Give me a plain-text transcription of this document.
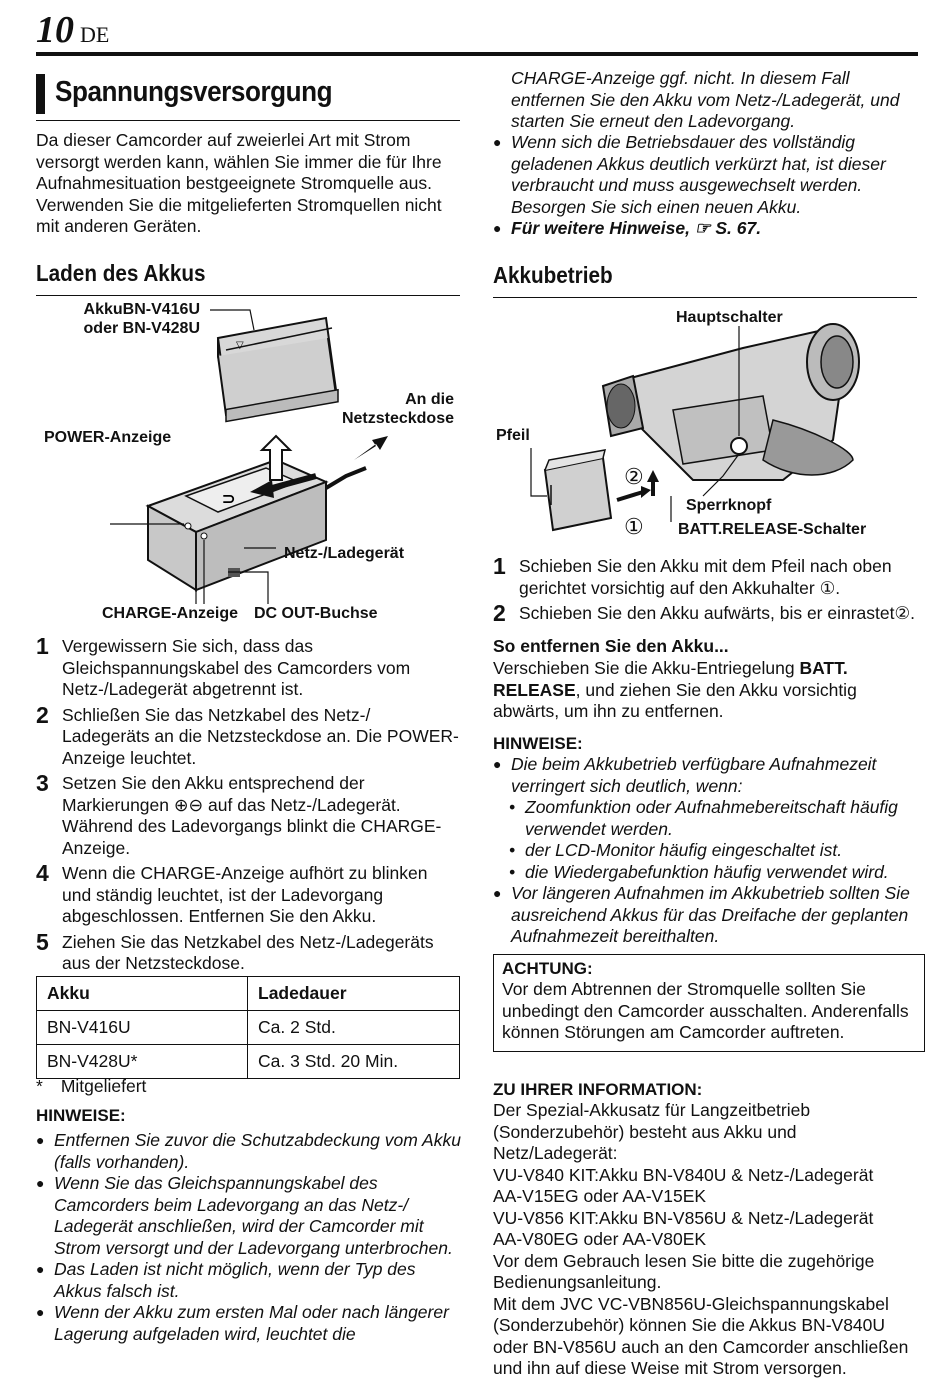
10 DE
Spannungsversorgung
Da dieser Camcorder auf zweierlei Art mit Strom versorgt werden kann, wählen Sie immer die für Ihre Aufnahmesituation bestgeeignete Stromquelle aus. Verwenden Sie die mitgelieferten Stromquellen nicht mit anderen Geräten.
Laden des Akkus
▽
⊃
AkkuBN-V416U
oder BN-V428U
An die
Netzsteckdose
POWER-Anzeige
Netz-/Ladegerät
CHARGE-Anzeige DC OUT-Buchse
1 Vergewissern Sie sich, dass das Gleichspannungskabel des Camcorders vom Netz-/Ladegerät abgetrennt ist.
2 Schließen Sie das Netzkabel des Netz-/ Ladegeräts an die Netzsteckdose an. Die POWER-Anzeige leuchtet.
3 Setzen Sie den Akku entsprechend der Markierungen ⊕⊖ auf das Netz-/Ladegerät. Während des Ladevorgangs blinkt die CHARGE-Anzeige.
4 Wenn die CHARGE-Anzeige aufhört zu blinken und ständig leuchtet, ist der Ladevorgang abgeschlossen. Entfernen Sie den Akku.
5 Ziehen Sie das Netzkabel des Netz-/Ladegeräts aus der Netzsteckdose.
Akku	Ladedauer
BN-V416U	Ca. 2 Std.
BN-V428U*	Ca. 3 Std. 20 Min.
* Mitgeliefert
HINWEISE:
● Entfernen Sie zuvor die Schutzabdeckung vom Akku (falls vorhanden).
● Wenn Sie das Gleichspannungskabel des Camcorders beim Ladevorgang an das Netz-/ Ladegerät anschließen, wird der Camcorder mit Strom versorgt und der Ladevorgang unterbrochen.
● Das Laden ist nicht möglich, wenn der Typ des Akkus falsch ist.
● Wenn der Akku zum ersten Mal oder nach längerer Lagerung aufgeladen wird, leuchtet die
CHARGE-Anzeige ggf. nicht. In diesem Fall entfernen Sie den Akku vom Netz-/Ladegerät, und starten Sie erneut den Ladevorgang.
● Wenn sich die Betriebsdauer des vollständig geladenen Akkus deutlich verkürzt hat, ist dieser verbraucht und muss ausgewechselt werden. Besorgen Sie sich einen neuen Akku.
● Für weitere Hinweise, ☞ S. 67.
Akkubetrieb
Hauptschalter
Pfeil
②
Sperrknopf
① BATT.RELEASE-Schalter
1 Schieben Sie den Akku mit dem Pfeil nach oben gerichtet vorsichtig auf den Akkuhalter ①.
2 Schieben Sie den Akku aufwärts, bis er einrastet②.
So entfernen Sie den Akku...
Verschieben Sie die Akku-Entriegelung BATT. RELEASE, und ziehen Sie den Akku vorsichtig abwärts, um ihn zu entfernen.
HINWEISE:
● Die beim Akkubetrieb verfügbare Aufnahmezeit verringert sich deutlich, wenn:
• Zoomfunktion oder Aufnahmebereitschaft häufig verwendet werden.
• der LCD-Monitor häufig eingeschaltet ist.
• die Wiedergabefunktion häufig verwendet wird.
● Vor längeren Aufnahmen im Akkubetrieb sollten Sie ausreichend Akkus für das Dreifache der geplanten Aufnahmezeit bereithalten.
ACHTUNG:
Vor dem Abtrennen der Stromquelle sollten Sie unbedingt den Camcorder ausschalten. Anderenfalls können Störungen am Camcorder auftreten.
ZU IHRER INFORMATION:
Der Spezial-Akkusatz für Langzeitbetrieb
(Sonderzubehör) besteht aus Akku und Netz/Ladegerät:
VU-V840 KIT:Akku BN-V840U & Netz-/Ladegerät
AA-V15EG oder AA-V15EK
VU-V856 KIT:Akku BN-V856U & Netz-/Ladegerät
AA-V80EG oder AA-V80EK
Vor dem Gebrauch lesen Sie bitte die zugehörige
Bedienungsanleitung.
Mit dem JVC VC-VBN856U-Gleichspannungskabel
(Sonderzubehör) können Sie die Akkus BN-V840U
oder BN-V856U auch an den Camcorder anschließen
und ihn auf diese Weise mit Strom versorgen.
